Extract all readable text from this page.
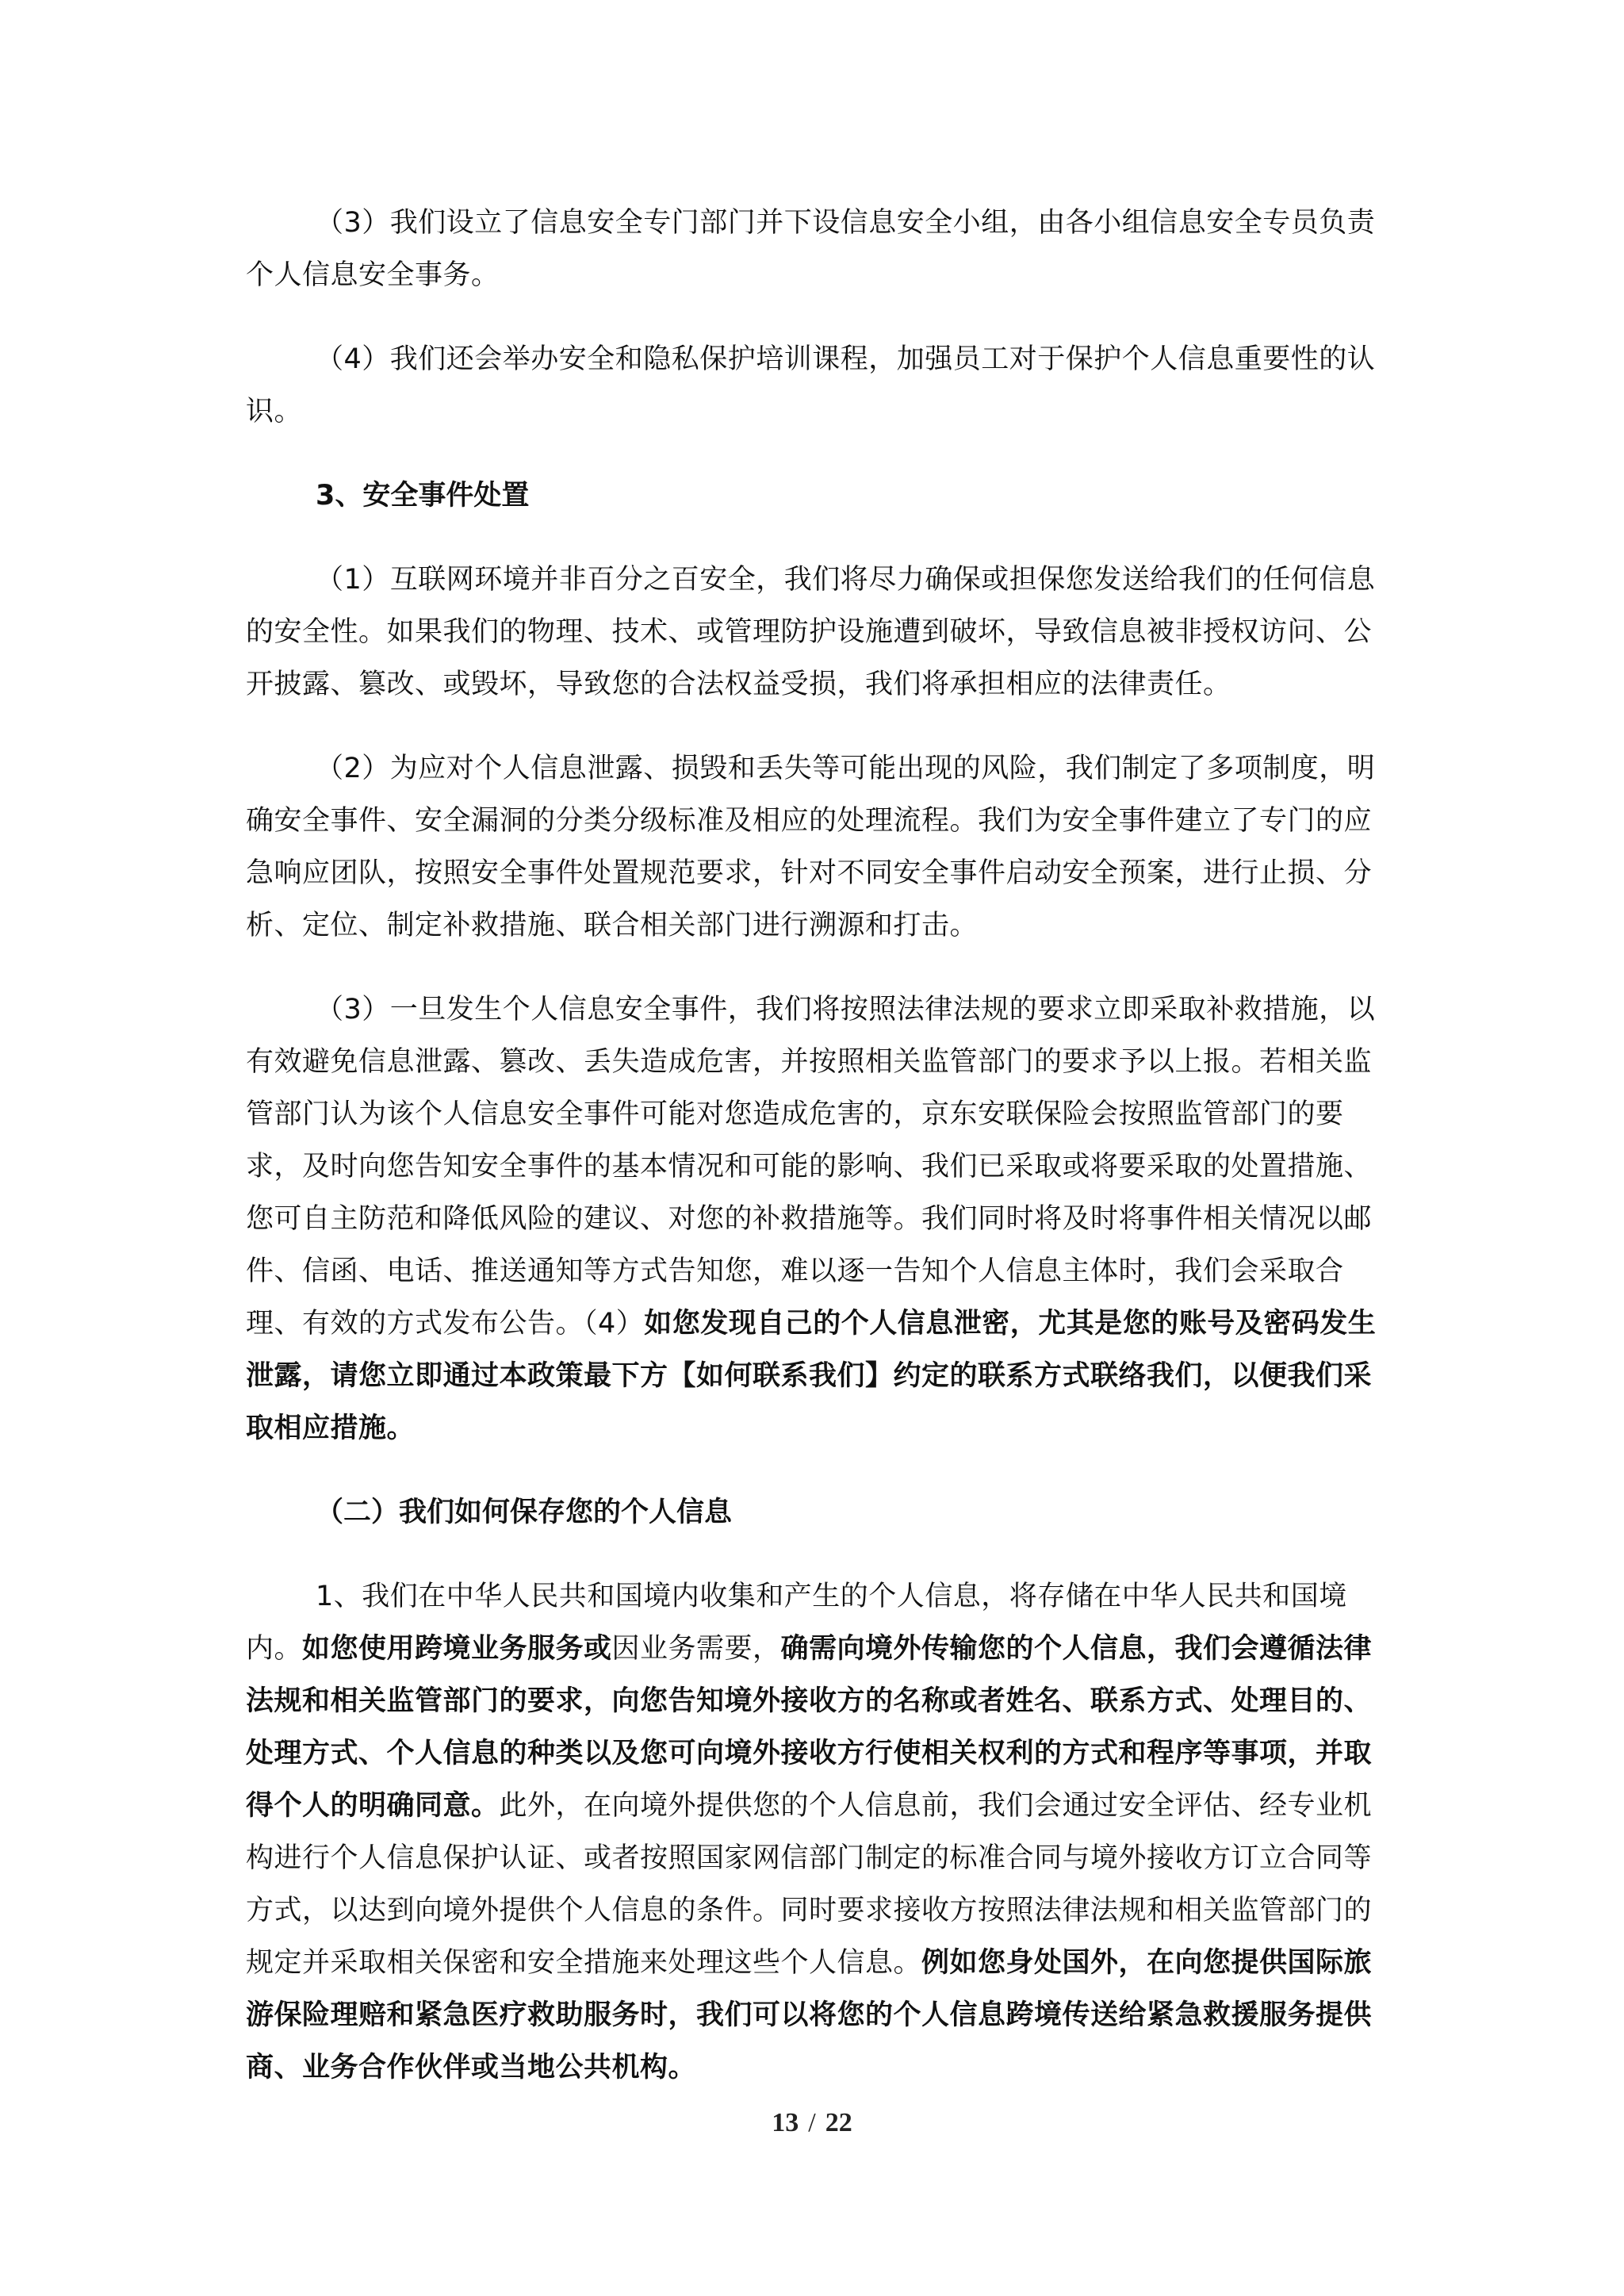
（3）我们设立了信息安全专门部门并下设信息安全小组，由各小组信息安全专员负责个人信息安全事务。

（4）我们还会举办安全和隐私保护培训课程，加强员工对于保护个人信息重要性的认识。

3、安全事件处置

（1）互联网环境并非百分之百安全，我们将尽力确保或担保您发送给我们的任何信息的安全性。如果我们的物理、技术、或管理防护设施遭到破坏，导致信息被非授权访问、公开披露、篡改、或毁坏，导致您的合法权益受损，我们将承担相应的法律责任。

（2）为应对个人信息泄露、损毁和丢失等可能出现的风险，我们制定了多项制度，明确安全事件、安全漏洞的分类分级标准及相应的处理流程。我们为安全事件建立了专门的应急响应团队，按照安全事件处置规范要求，针对不同安全事件启动安全预案，进行止损、分析、定位、制定补救措施、联合相关部门进行溯源和打击。

（3）一旦发生个人信息安全事件，我们将按照法律法规的要求立即采取补救措施，以有效避免信息泄露、篡改、丢失造成危害，并按照相关监管部门的要求予以上报。若相关监管部门认为该个人信息安全事件可能对您造成危害的，京东安联保险会按照监管部门的要求，及时向您告知安全事件的基本情况和可能的影响、我们已采取或将要采取的处置措施、您可自主防范和降低风险的建议、对您的补救措施等。我们同时将及时将事件相关情况以邮件、信函、电话、推送通知等方式告知您，难以逐一告知个人信息主体时，我们会采取合理、有效的方式发布公告。（4）如您发现自己的个人信息泄密，尤其是您的账号及密码发生泄露，请您立即通过本政策最下方【如何联系我们】约定的联系方式联络我们，以便我们采取相应措施。

（二）我们如何保存您的个人信息

1、我们在中华人民共和国境内收集和产生的个人信息，将存储在中华人民共和国境内。如您使用跨境业务服务或因业务需要，确需向境外传输您的个人信息，我们会遵循法律法规和相关监管部门的要求，向您告知境外接收方的名称或者姓名、联系方式、处理目的、处理方式、个人信息的种类以及您可向境外接收方行使相关权利的方式和程序等事项，并取得个人的明确同意。此外，在向境外提供您的个人信息前，我们会通过安全评估、经专业机构进行个人信息保护认证、或者按照国家网信部门制定的标准合同与境外接收方订立合同等方式，以达到向境外提供个人信息的条件。同时要求接收方按照法律法规和相关监管部门的规定并采取相关保密和安全措施来处理这些个人信息。例如您身处国外，在向您提供国际旅游保险理赔和紧急医疗救助服务时，我们可以将您的个人信息跨境传送给紧急救援服务提供商、业务合作伙伴或当地公共机构。

13 / 22
